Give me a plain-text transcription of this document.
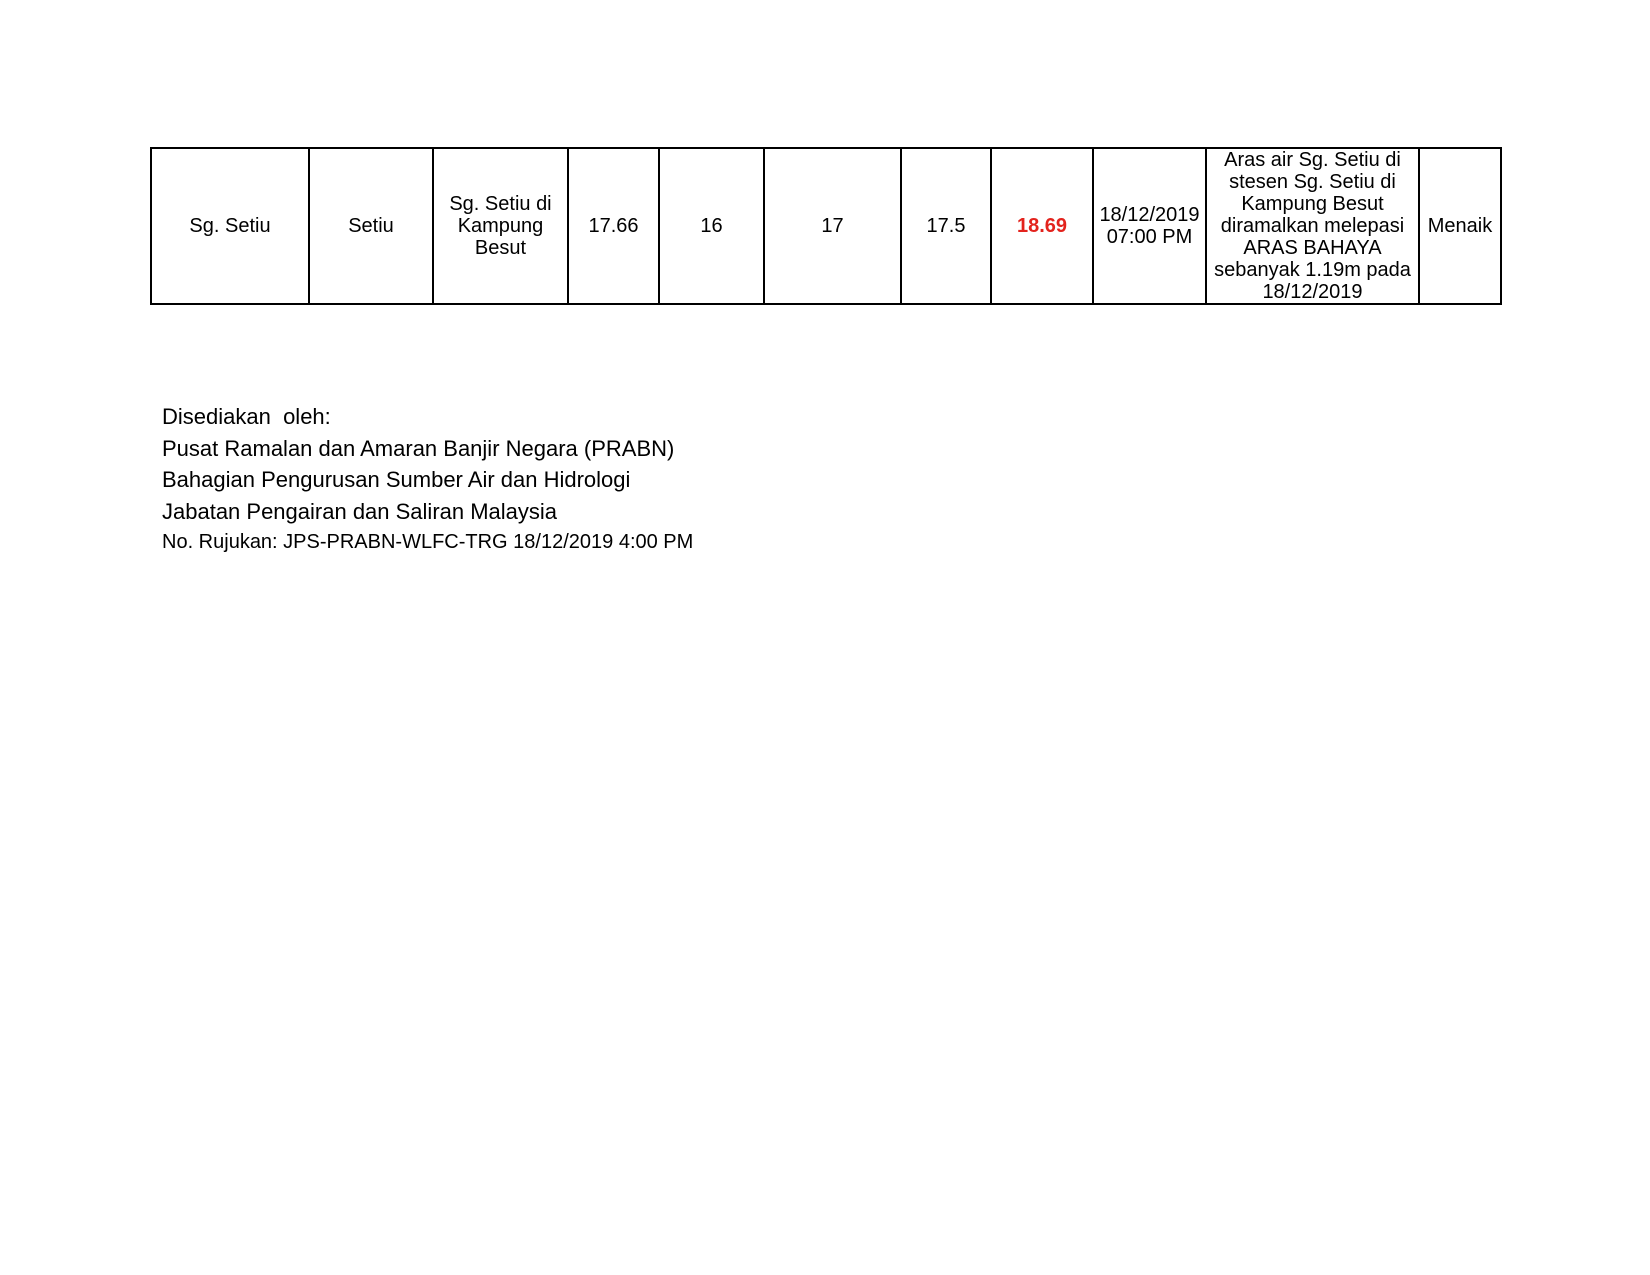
Sg. Setiu	Setiu	Sg. Setiu di Kampung Besut	17.66	16	17	17.5	18.69	18/12/2019 07:00 PM	Aras air Sg. Setiu di stesen Sg. Setiu di Kampung Besut diramalkan melepasi ARAS BAHAYA sebanyak 1.19m pada 18/12/2019	Menaik

Disediakan  oleh:

Pusat Ramalan dan Amaran Banjir Negara (PRABN)

Bahagian Pengurusan Sumber Air dan Hidrologi

Jabatan Pengairan dan Saliran Malaysia

No. Rujukan: JPS-PRABN-WLFC-TRG 18/12/2019 4:00 PM
